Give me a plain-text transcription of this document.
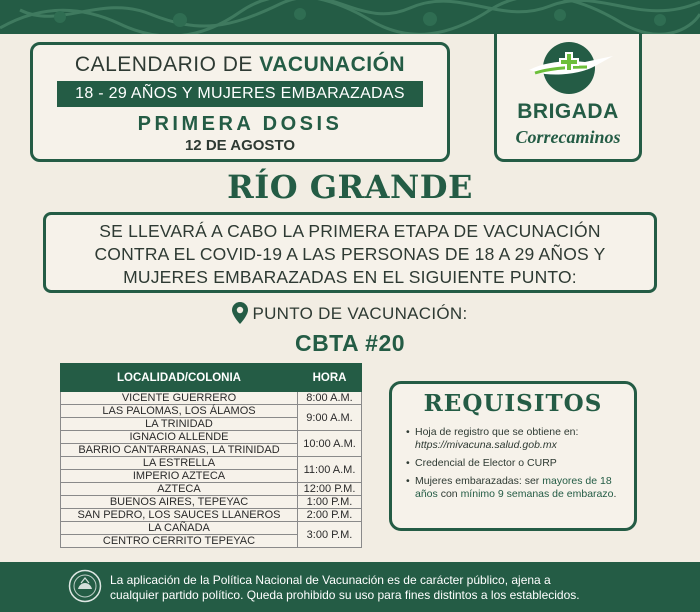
CALENDARIO DE VACUNACIÓN
18 - 29 AÑOS Y MUJERES EMBARAZADAS
PRIMERA DOSIS
12 DE AGOSTO
BRIGADA
Correcaminos
RÍO GRANDE
SE LLEVARÁ A CABO LA PRIMERA ETAPA DE VACUNACIÓN
CONTRA EL COVID-19 A LAS PERSONAS DE 18 A 29 AÑOS Y
MUJERES EMBARAZADAS EN EL SIGUIENTE PUNTO:
PUNTO DE VACUNACIÓN:
CBTA #20
LOCALIDAD/COLONIA	HORA
VICENTE GUERRERO	8:00 A.M.
LAS PALOMAS, LOS ÁLAMOS	9:00 A.M.
LA TRINIDAD	
IGNACIO ALLENDE	10:00 A.M.
BARRIO CANTARRANAS, LA TRINIDAD	
LA ESTRELLA	11:00 A.M.
IMPERIO AZTECA	
AZTECA	12:00 P.M.
BUENOS AIRES, TEPEYAC	1:00 P.M.
SAN PEDRO, LOS SAUCES LLANEROS	2:00 P.M.
LA CAÑADA	3:00 P.M.
CENTRO CERRITO TEPEYAC	
REQUISITOS
• Hoja de registro que se obtiene en: https://mivacuna.salud.gob.mx
• Credencial de Elector o CURP
• Mujeres embarazadas: ser mayores de 18 años con mínimo 9 semanas de embarazo.
La aplicación de la Política Nacional de Vacunación es de carácter público, ajena a
cualquier partido político. Queda prohibido su uso para fines distintos a los establecidos.
